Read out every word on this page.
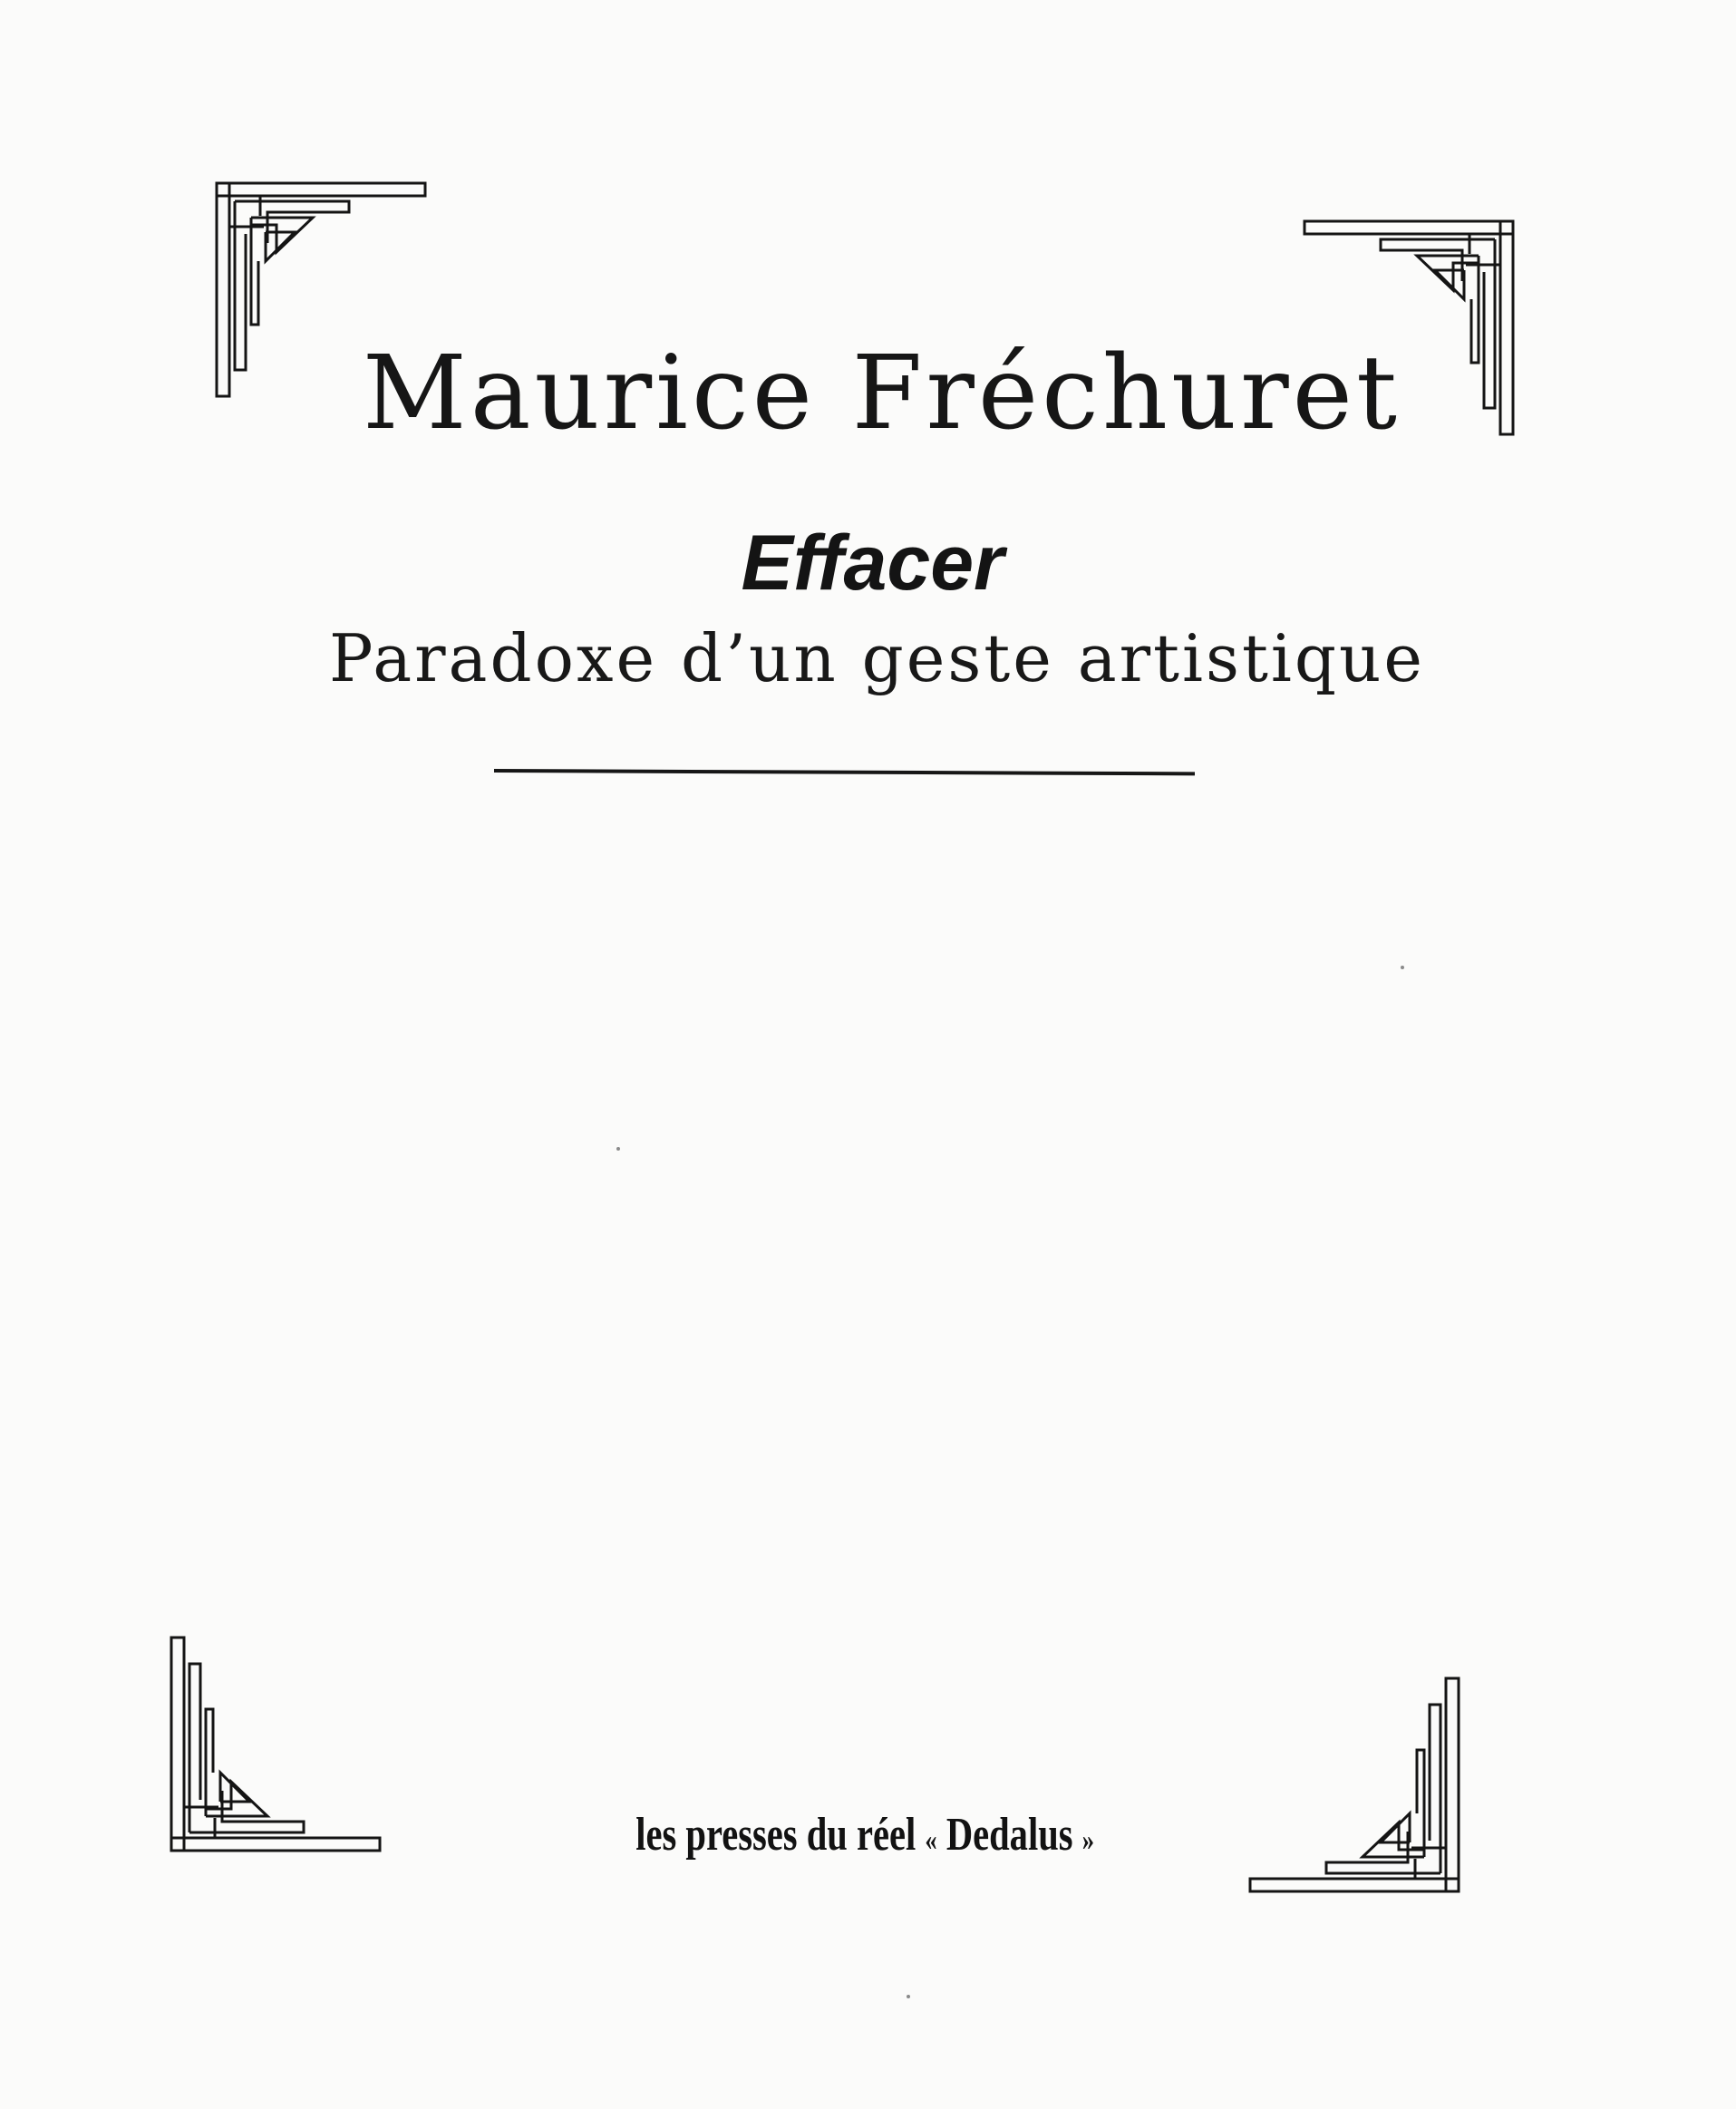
Maurice Fréchuret
Effacer
Paradoxe d’un geste artistique
les presses du réel « Dedalus »
